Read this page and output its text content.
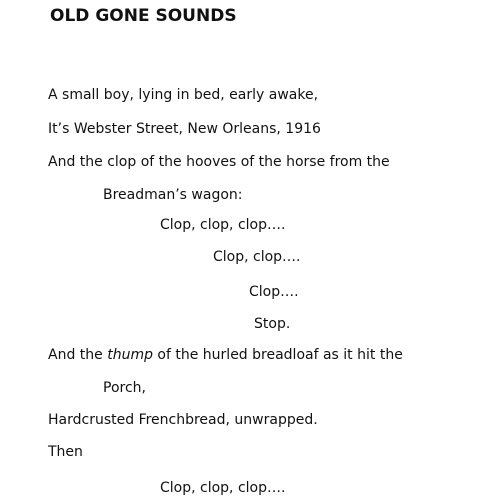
OLD GONE SOUNDS
A small boy, lying in bed, early awake,
It’s Webster Street, New Orleans, 1916
And the clop of the hooves of the horse from the
Breadman’s wagon:
Clop, clop, clop….
Clop, clop….
Clop….
Stop.
And the thump of the hurled breadloaf as it hit the
Porch,
Hardcrusted Frenchbread, unwrapped.
Then
Clop, clop, clop….
